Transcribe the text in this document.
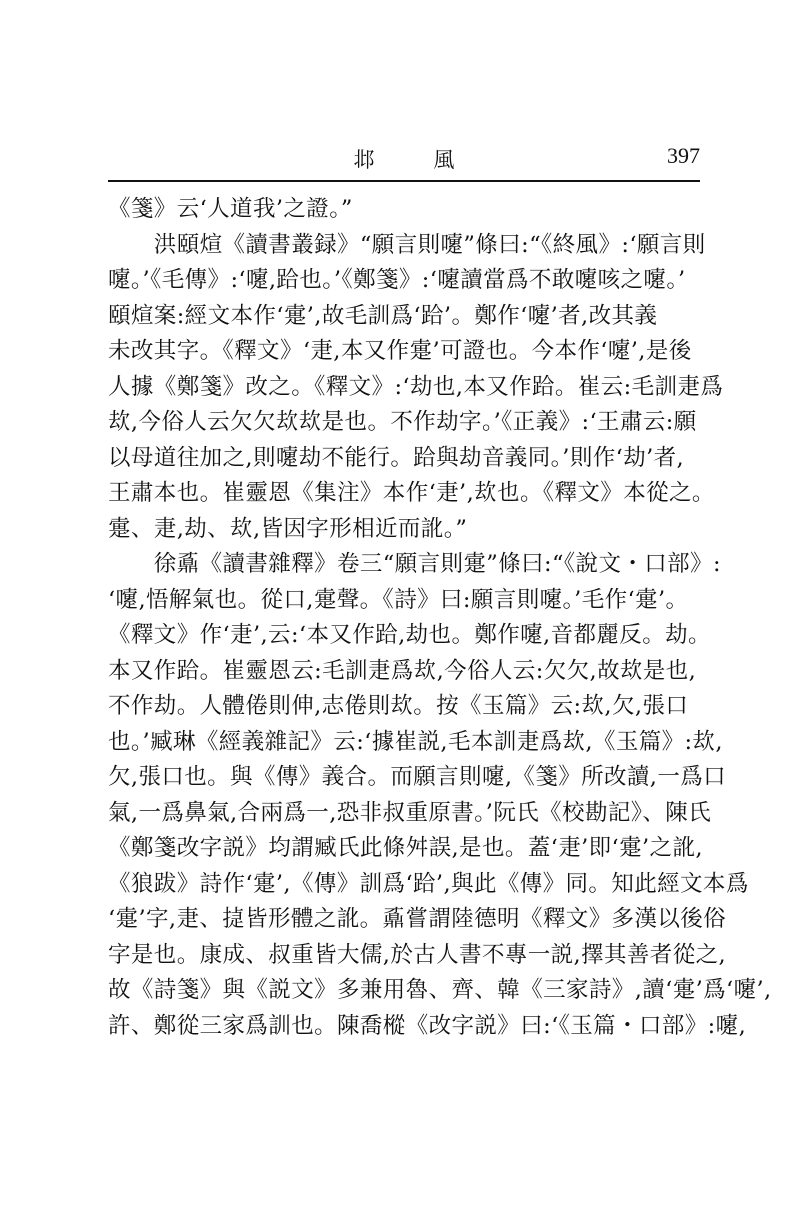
邶 風	397
《箋》云‘人道我’之證。”
　　洪頤煊《讀書叢録》“願言則嚔”條曰:“《終風》:‘願言則
嚔。’《毛傳》:‘嚔,跲也。’《鄭箋》:‘嚔讀當爲不敢嚔咳之嚔。’
頤煊案:經文本作‘疐’,故毛訓爲‘跲’。鄭作‘嚔’者,改其義
未改其字。《釋文》‘疌,本又作疐’可證也。今本作‘嚔’,是後
人據《鄭箋》改之。《釋文》:‘劫也,本又作跲。崔云:毛訓疌爲
㰦,今俗人云欠欠㰦㰦是也。不作劫字。’《正義》:‘王肅云:願
以母道往加之,則嚔劫不能行。跲與劫音義同。’則作‘劫’者,
王肅本也。崔靈恩《集注》本作‘疌’,㰦也。《釋文》本從之。
疐、疌,劫、㰦,皆因字形相近而訛。”
　　徐鼒《讀書雜釋》卷三“願言則疐”條曰:“《說文・口部》:
‘嚔,悟解氣也。從口,疐聲。《詩》曰:願言則嚔。’毛作‘疐’。
《釋文》作‘疌’,云:‘本又作跲,劫也。鄭作嚔,音都麗反。劫。
本又作跲。崔靈恩云:毛訓疌爲㰦,今俗人云:欠欠,故㰦是也,
不作劫。人體倦則伸,志倦則㰦。按《玉篇》云:㰦,欠,張口
也。’臧琳《經義雜記》云:‘據崔説,毛本訓疌爲㰦,《玉篇》:㰦,
欠,張口也。與《傳》義合。而願言則嚔,《箋》所改讀,一爲口
氣,一爲鼻氣,合兩爲一,恐非叔重原書。’阮氏《校勘記》、陳氏
《鄭箋改字説》均謂臧氏此條舛誤,是也。蓋‘疌’即‘疐’之訛,
《狼跋》詩作‘疐’,《傳》訓爲‘跲’,與此《傳》同。知此經文本爲
‘疐’字,疌、㨗皆形體之訛。鼒嘗謂陸德明《釋文》多漢以後俗
字是也。康成、叔重皆大儒,於古人書不專一説,擇其善者從之,
故《詩箋》與《説文》多兼用魯、齊、韓《三家詩》,讀‘疐’爲‘嚔’,
許、鄭從三家爲訓也。陳喬樅《改字説》曰:‘《玉篇・口部》:嚔,
